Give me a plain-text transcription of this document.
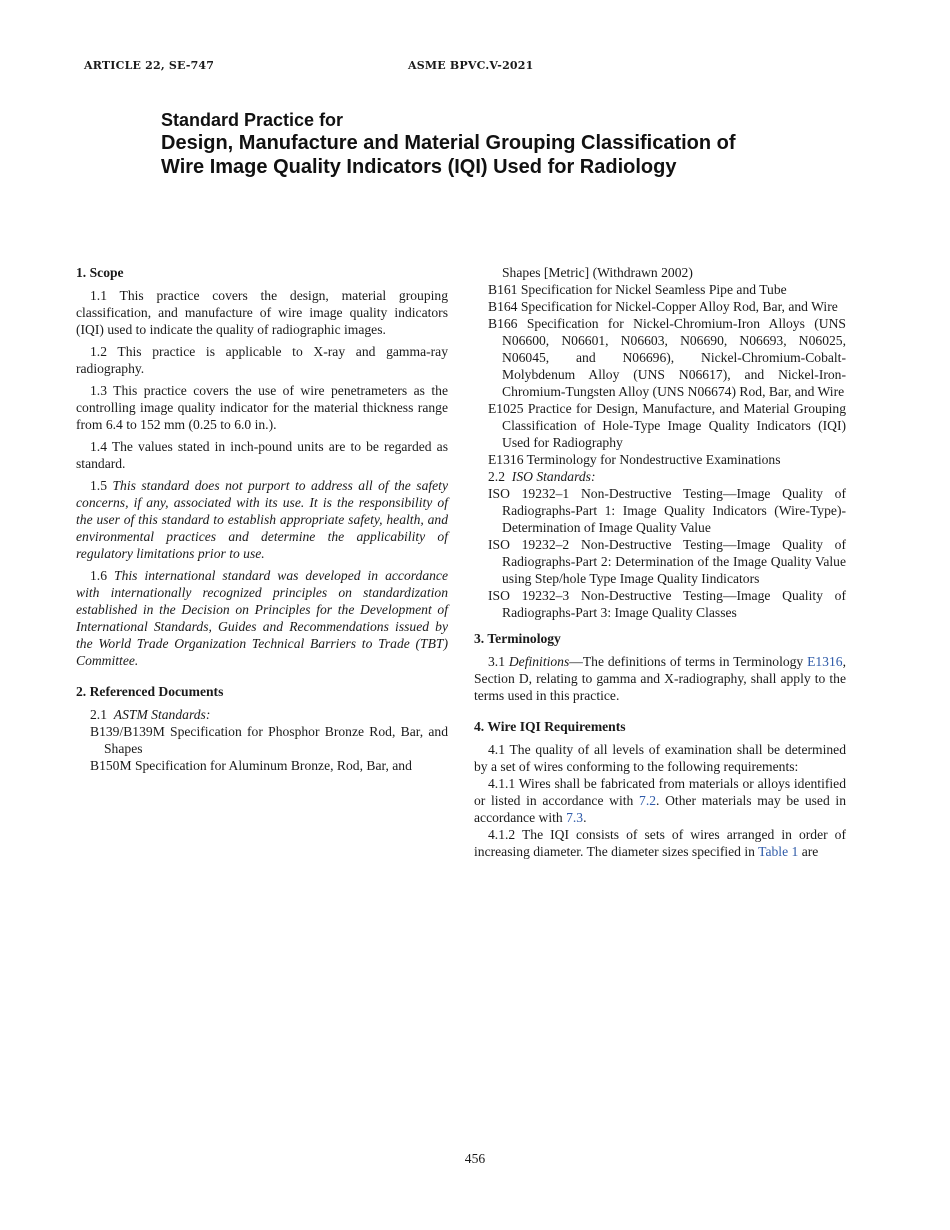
ARTICLE 22, SE-747	ASME BPVC.V-2021
Standard Practice for
Design, Manufacture and Material Grouping Classification of
Wire Image Quality Indicators (IQI) Used for Radiology
1. Scope

1.1 This practice covers the design, material grouping classification, and manufacture of wire image quality indicators (IQI) used to indicate the quality of radiographic images.

1.2 This practice is applicable to X-ray and gamma-ray radiography.

1.3 This practice covers the use of wire penetrameters as the controlling image quality indicator for the material thickness range from 6.4 to 152 mm (0.25 to 6.0 in.).

1.4 The values stated in inch-pound units are to be regarded as standard.

1.5 This standard does not purport to address all of the safety concerns, if any, associated with its use. It is the responsibility of the user of this standard to establish appropriate safety, health, and environmental practices and determine the applicability of regulatory limitations prior to use.

1.6 This international standard was developed in accordance with internationally recognized principles on standardization established in the Decision on Principles for the Development of International Standards, Guides and Recommendations issued by the World Trade Organization Technical Barriers to Trade (TBT) Committee.

2. Referenced Documents

2.1 ASTM Standards:

B139/B139M Specification for Phosphor Bronze Rod, Bar, and Shapes

B150M Specification for Aluminum Bronze, Rod, Bar, and

Shapes [Metric] (Withdrawn 2002)

B161 Specification for Nickel Seamless Pipe and Tube

B164 Specification for Nickel-Copper Alloy Rod, Bar, and Wire

B166 Specification for Nickel-Chromium-Iron Alloys (UNS N06600, N06601, N06603, N06690, N06693, N06025, N06045, and N06696), Nickel-Chromium-Cobalt-Molybdenum Alloy (UNS N06617), and Nickel-Iron-Chromium-Tungsten Alloy (UNS N06674) Rod, Bar, and Wire

E1025 Practice for Design, Manufacture, and Material Grouping Classification of Hole-Type Image Quality Indicators (IQI) Used for Radiography

E1316 Terminology for Nondestructive Examinations

2.2 ISO Standards:

ISO 19232–1 Non-Destructive Testing—Image Quality of Radiographs-Part 1: Image Quality Indicators (Wire-Type)-Determination of Image Quality Value

ISO 19232–2 Non-Destructive Testing—Image Quality of Radiographs-Part 2: Determination of the Image Quality Value using Step/hole Type Image Quality Iindicators

ISO 19232–3 Non-Destructive Testing—Image Quality of Radiographs-Part 3: Image Quality Classes

3. Terminology

3.1 Definitions—The definitions of terms in Terminology E1316, Section D, relating to gamma and X-radiography, shall apply to the terms used in this practice.

4. Wire IQI Requirements

4.1 The quality of all levels of examination shall be determined by a set of wires conforming to the following requirements:

4.1.1 Wires shall be fabricated from materials or alloys identified or listed in accordance with 7.2. Other materials may be used in accordance with 7.3.

4.1.2 The IQI consists of sets of wires arranged in order of increasing diameter. The diameter sizes specified in Table 1 are

456
